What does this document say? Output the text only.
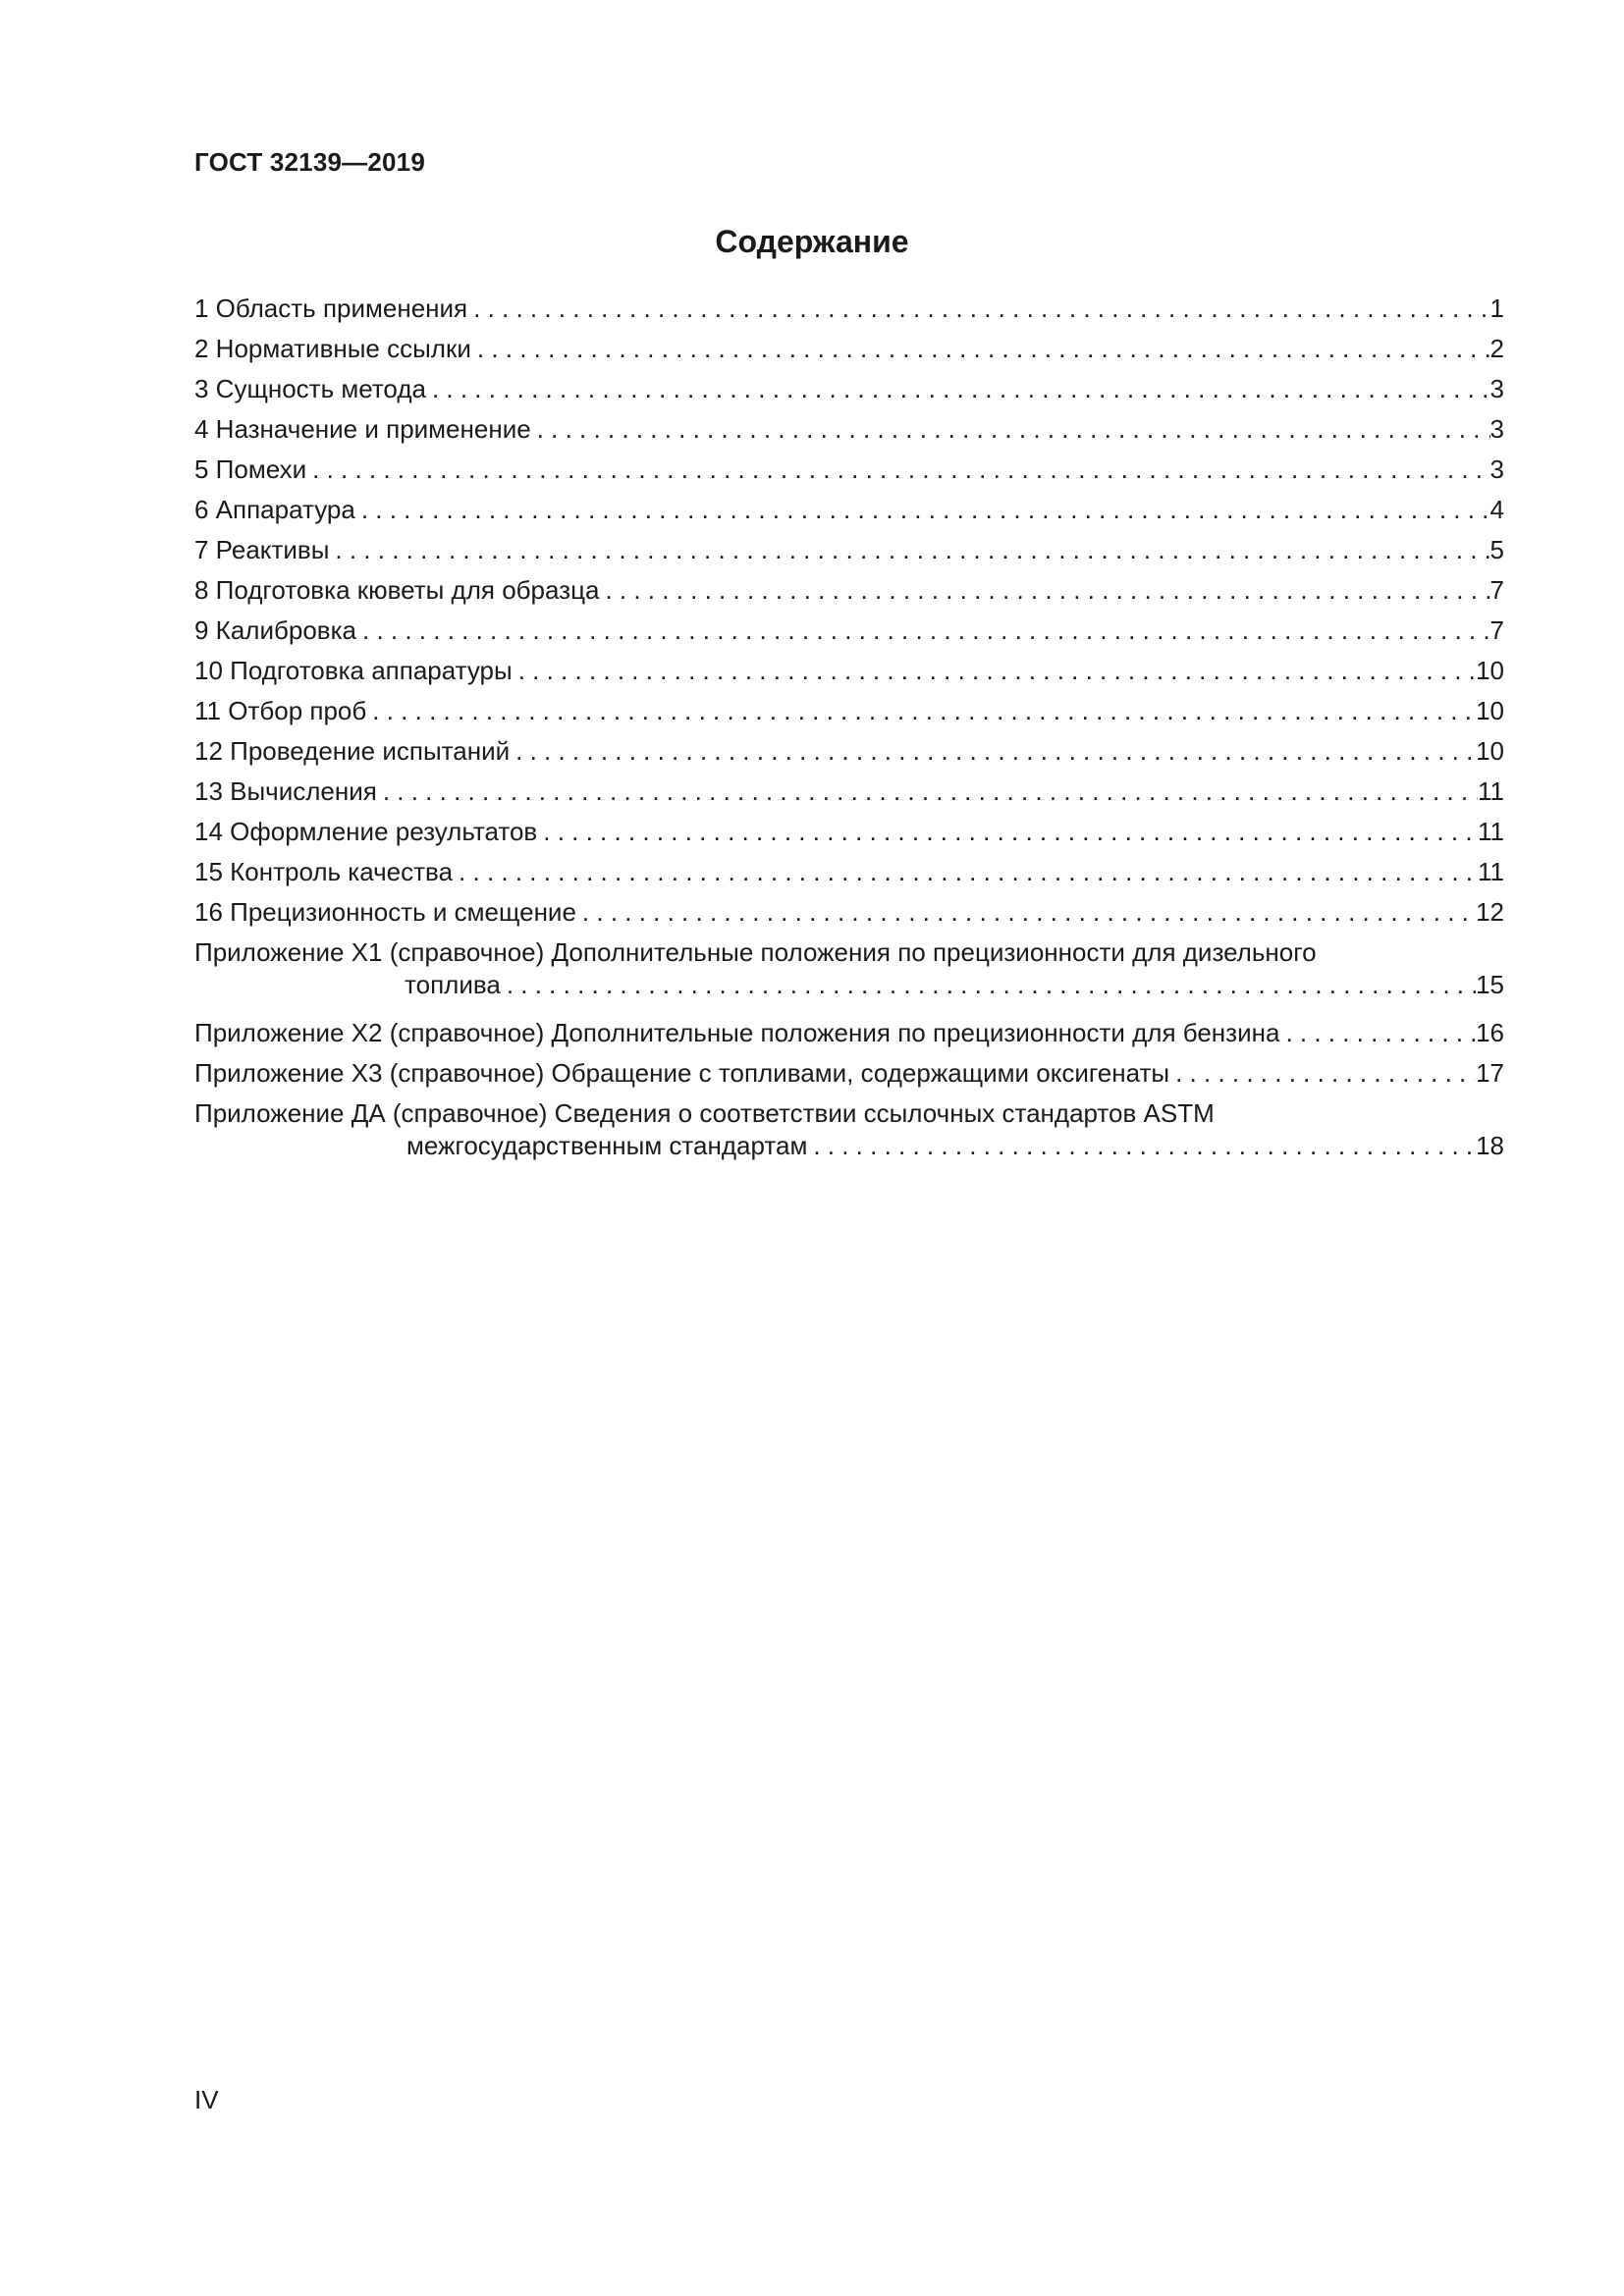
ГОСТ 32139—2019
Содержание
1 Область применения . . .	1
2 Нормативные ссылки . . .	2
3 Сущность метода . . .	3
4 Назначение и применение . . .	3
5 Помехи . . .	3
6 Аппаратура . . .	4
7 Реактивы . . .	5
8 Подготовка кюветы для образца . . .	7
9 Калибровка . . .	7
10 Подготовка аппаратуры . . .	10
11 Отбор проб . . .	10
12 Проведение испытаний . . .	10
13 Вычисления . . .	11
14 Оформление результатов . . .	11
15 Контроль качества . . .	11
16 Прецизионность и смещение . . .	12
Приложение Х1 (справочное) Дополнительные положения по прецизионности для дизельного
топлива . . .	15
Приложение Х2 (справочное) Дополнительные положения по прецизионности для бензина . . .	16
Приложение Х3 (справочное) Обращение с топливами, содержащими оксигенаты . . .	17
Приложение ДА (справочное) Сведения о соответствии ссылочных стандартов ASTM
межгосударственным стандартам . . .	18
IV
